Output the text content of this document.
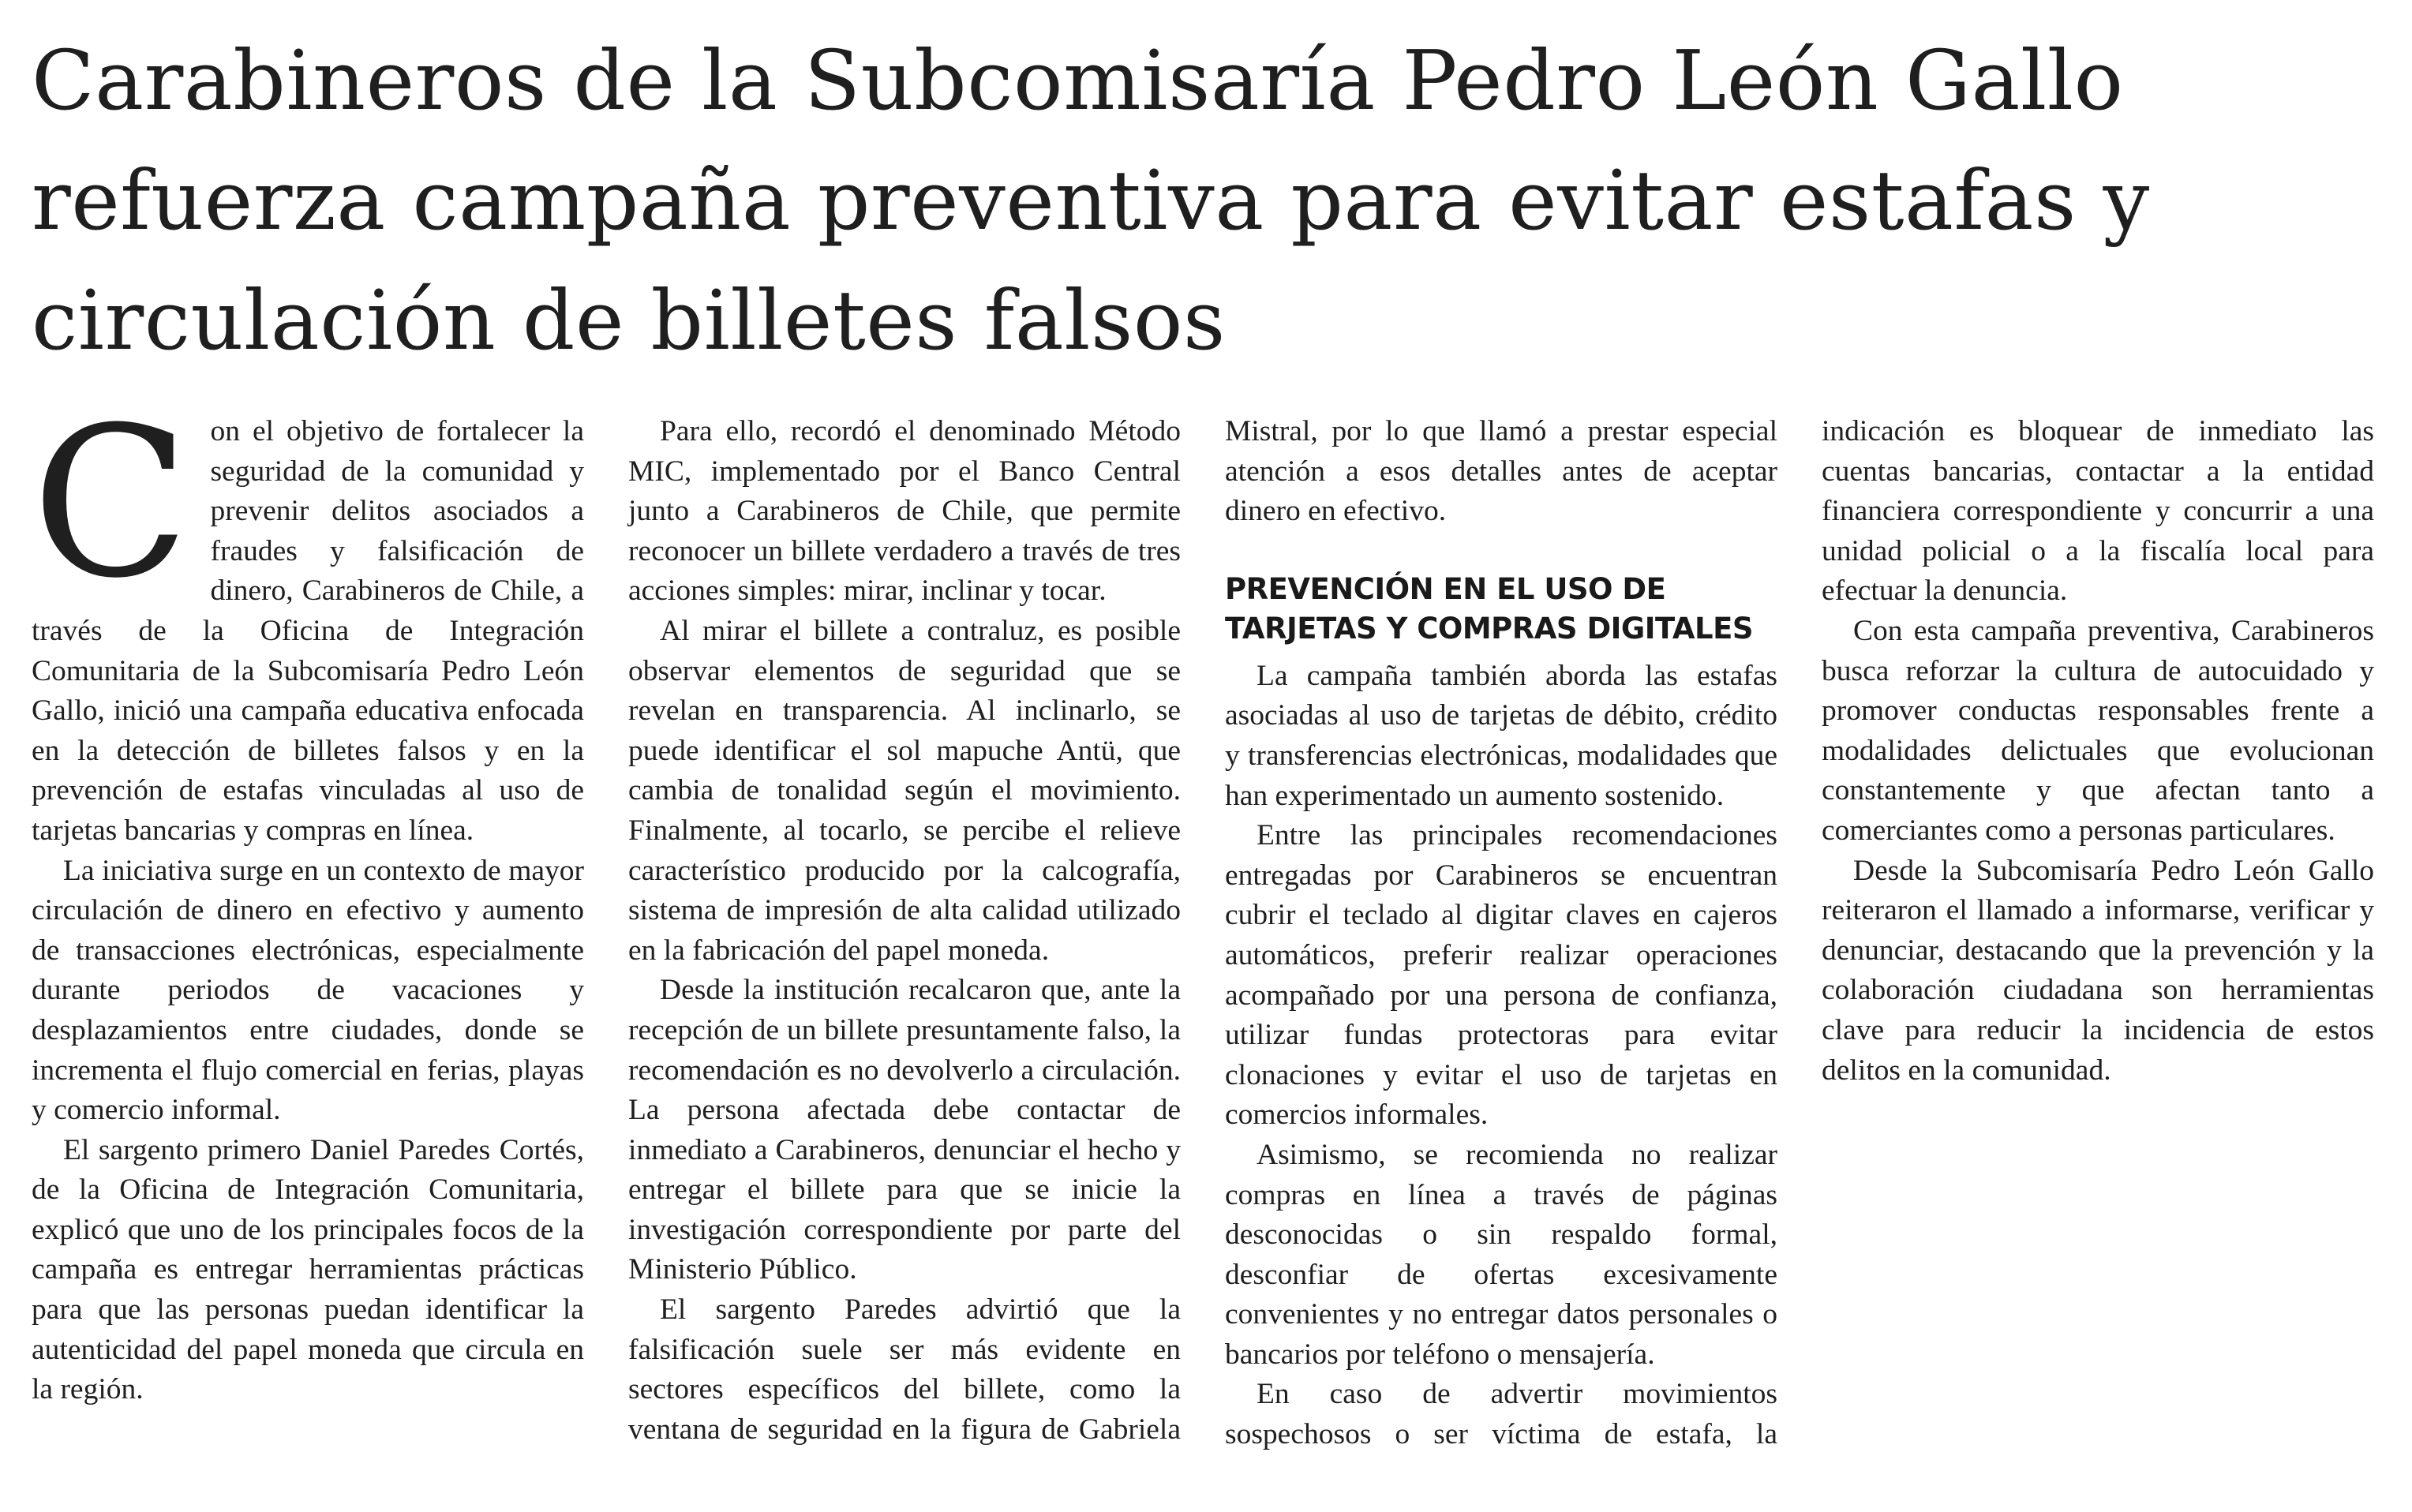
Carabineros de la Subcomisaría Pedro León Gallo refuerza campaña preventiva para evitar estafas y circulación de billetes falsos
C on el objetivo de fortalecer la seguridad de la comunidad y prevenir delitos asociados a fraudes y falsificación de dinero, Carabineros de Chile, a través de la Oficina de Integración Comunitaria de la Subcomisaría Pedro León Gallo, inició una campaña educativa enfocada en la detección de billetes falsos y en la prevención de estafas vinculadas al uso de tarjetas bancarias y compras en línea.

La iniciativa surge en un contexto de mayor circulación de dinero en efectivo y aumento de transacciones electrónicas, especialmente durante periodos de vacaciones y desplazamientos entre ciudades, donde se incrementa el flujo comercial en ferias, playas y comercio informal.

El sargento primero Daniel Paredes Cortés, de la Oficina de Integración Comunitaria, explicó que uno de los principales focos de la campaña es entregar herramientas prácticas para que las personas puedan identificar la autenticidad del papel moneda que circula en la región.

Para ello, recordó el denominado Método MIC, implementado por el Banco Central junto a Carabineros de Chile, que permite reconocer un billete verdadero a través de tres acciones simples: mirar, inclinar y tocar.

Al mirar el billete a contraluz, es posible observar elementos de seguridad que se revelan en transparencia. Al inclinarlo, se puede identificar el sol mapuche Antü, que cambia de tonalidad según el movimiento. Finalmente, al tocarlo, se percibe el relieve característico producido por la calcografía, sistema de impresión de alta calidad utilizado en la fabricación del papel moneda.

Desde la institución recalcaron que, ante la recepción de un billete presuntamente falso, la recomendación es no devolverlo a circulación. La persona afectada debe contactar de inmediato a Carabineros, denunciar el hecho y entregar el billete para que se inicie la investigación correspondiente por parte del Ministerio Público.

El sargento Paredes advirtió que la falsificación suele ser más evidente en sectores específicos del billete, como la ventana de seguridad en la figura de Gabriela Mistral, por lo que llamó a prestar especial atención a esos detalles antes de aceptar dinero en efectivo.

PREVENCIÓN EN EL USO DE TARJETAS Y COMPRAS DIGITALES

La campaña también aborda las estafas asociadas al uso de tarjetas de débito, crédito y transferencias electrónicas, modalidades que han experimentado un aumento sostenido.

Entre las principales recomendaciones entregadas por Carabineros se encuentran cubrir el teclado al digitar claves en cajeros automáticos, preferir realizar operaciones acompañado por una persona de confianza, utilizar fundas protectoras para evitar clonaciones y evitar el uso de tarjetas en comercios informales.

Asimismo, se recomienda no realizar compras en línea a través de páginas desconocidas o sin respaldo formal, desconfiar de ofertas excesivamente convenientes y no entregar datos personales o bancarios por teléfono o mensajería.

En caso de advertir movimientos sospechosos o ser víctima de estafa, la indicación es bloquear de inmediato las cuentas bancarias, contactar a la entidad financiera correspondiente y concurrir a una unidad policial o a la fiscalía local para efectuar la denuncia.

Con esta campaña preventiva, Carabineros busca reforzar la cultura de autocuidado y promover conductas responsables frente a modalidades delictuales que evolucionan constantemente y que afectan tanto a comerciantes como a personas particulares.

Desde la Subcomisaría Pedro León Gallo reiteraron el llamado a informarse, verificar y denunciar, destacando que la prevención y la colaboración ciudadana son herramientas clave para reducir la incidencia de estos delitos en la comunidad.
